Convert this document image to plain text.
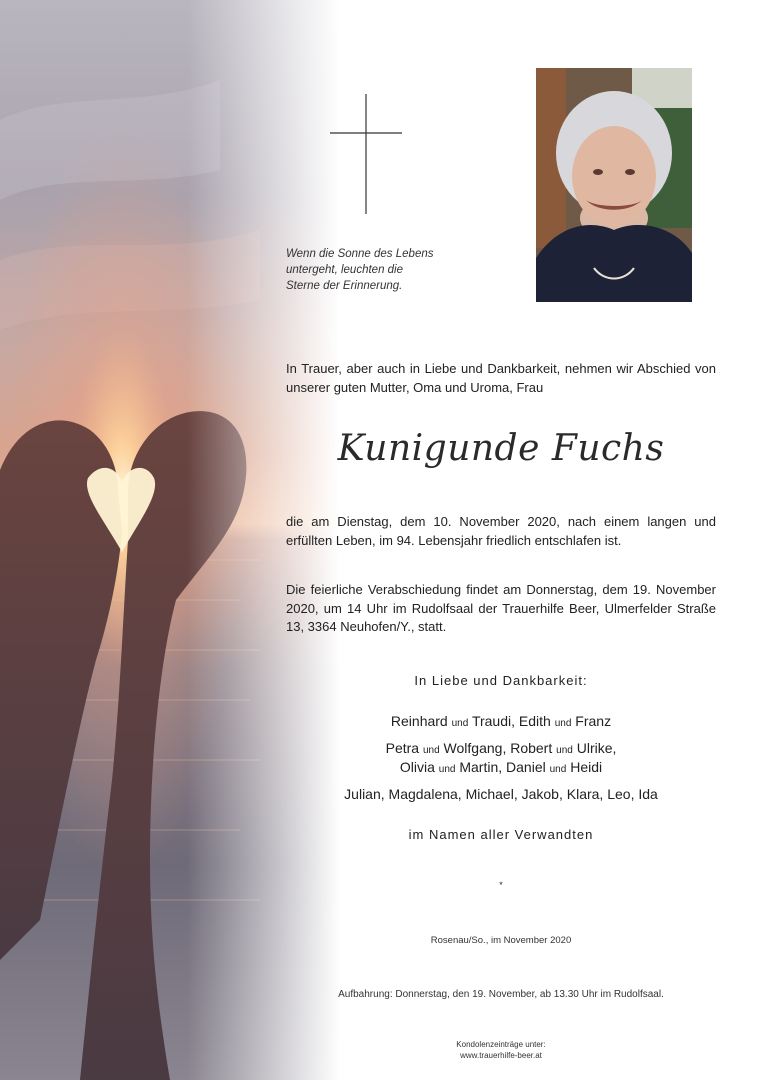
Wenn die Sonne des Lebens
untergeht, leuchten die
Sterne der Erinnerung.
In Trauer, aber auch in Liebe und Dankbarkeit, nehmen wir Abschied von unserer guten Mutter, Oma und Uroma, Frau
Kunigunde Fuchs
die am Dienstag, dem 10. November 2020, nach einem langen und erfüllten Leben, im 94. Lebensjahr friedlich entschlafen ist.
Die feierliche Verabschiedung findet am Donnerstag, dem 19. November 2020, um 14 Uhr im Rudolfsaal der Trauerhilfe Beer, Ulmerfelder Straße 13, 3364 Neuhofen/Y., statt.
In Liebe und Dankbarkeit:
Reinhard und Traudi, Edith und Franz
Petra und Wolfgang, Robert und Ulrike,
Olivia und Martin, Daniel und Heidi
Julian, Magdalena, Michael, Jakob, Klara, Leo, Ida
im Namen aller Verwandten
*
Rosenau/So., im November 2020
Aufbahrung: Donnerstag, den 19. November, ab 13.30 Uhr im Rudolfsaal.
Kondolenzeinträge unter:
www.trauerhilfe-beer.at
